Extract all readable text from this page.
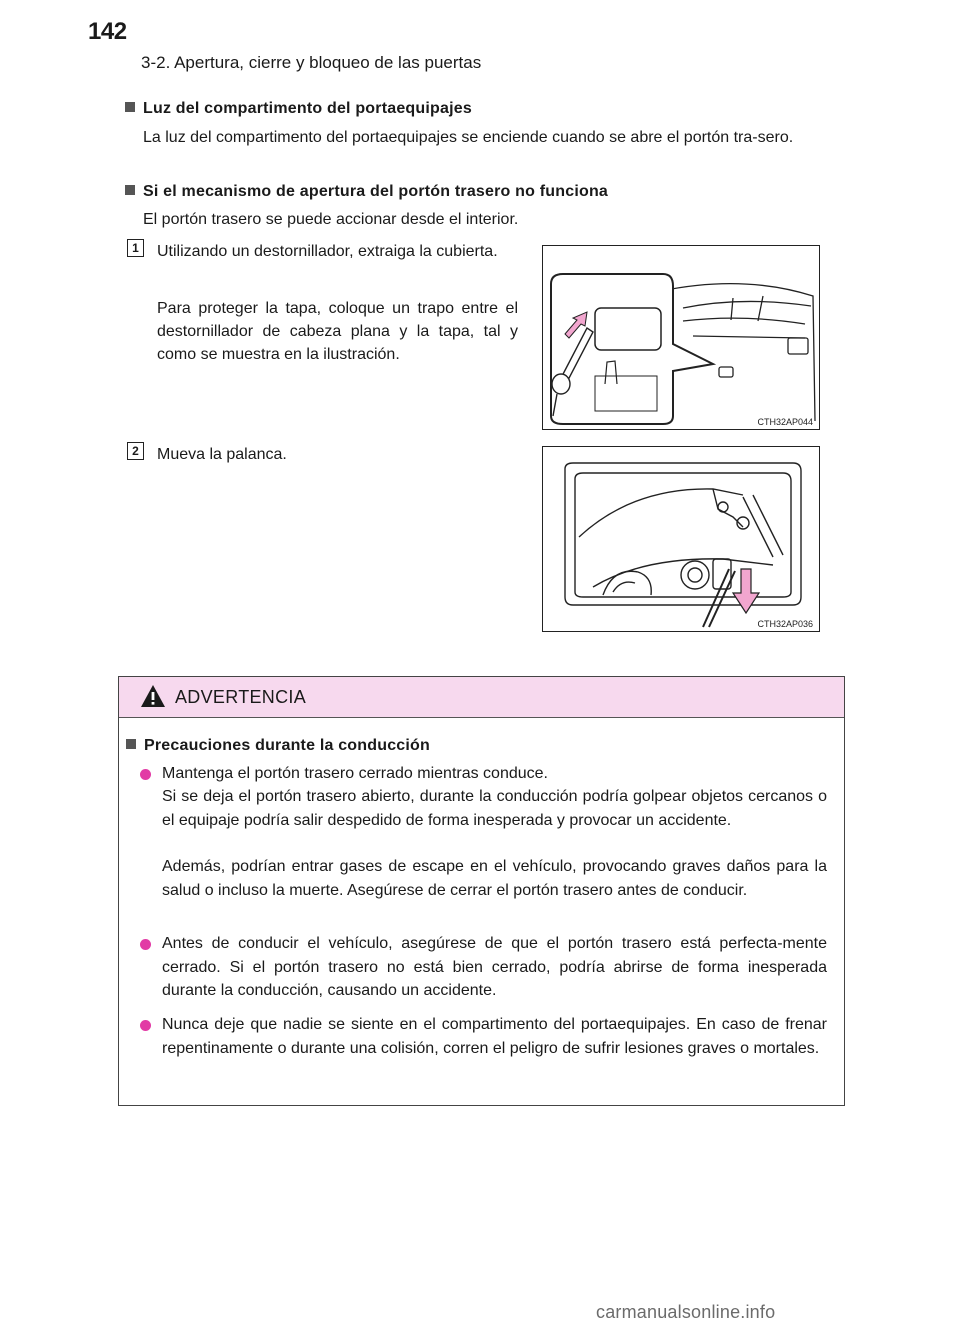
142
3-2. Apertura, cierre y bloqueo de las puertas
Luz del compartimento del portaequipajes
La luz del compartimento del portaequipajes se enciende cuando se abre el portón tra-sero.
Si el mecanismo de apertura del portón trasero no funciona
El portón trasero se puede accionar desde el interior.
1	Utilizando un destornillador, extraiga la cubierta.
Para proteger la tapa, coloque un trapo entre el destornillador de cabeza plana y la tapa, tal y como se muestra en la ilustración.
CTH32AP044
2	Mueva la palanca.
CTH32AP036
ADVERTENCIA
Precauciones durante la conducción
Mantenga el portón trasero cerrado mientras conduce.
Si se deja el portón trasero abierto, durante la conducción podría golpear objetos cercanos o el equipaje podría salir despedido de forma inesperada y provocar un accidente.
Además, podrían entrar gases de escape en el vehículo, provocando graves daños para la salud o incluso la muerte. Asegúrese de cerrar el portón trasero antes de conducir.
Antes de conducir el vehículo, asegúrese de que el portón trasero está perfecta-mente cerrado. Si el portón trasero no está bien cerrado, podría abrirse de forma inesperada durante la conducción, causando un accidente.
Nunca deje que nadie se siente en el compartimento del portaequipajes. En caso de frenar repentinamente o durante una colisión, corren el peligro de sufrir lesiones graves o mortales.
carmanualsonline.info
